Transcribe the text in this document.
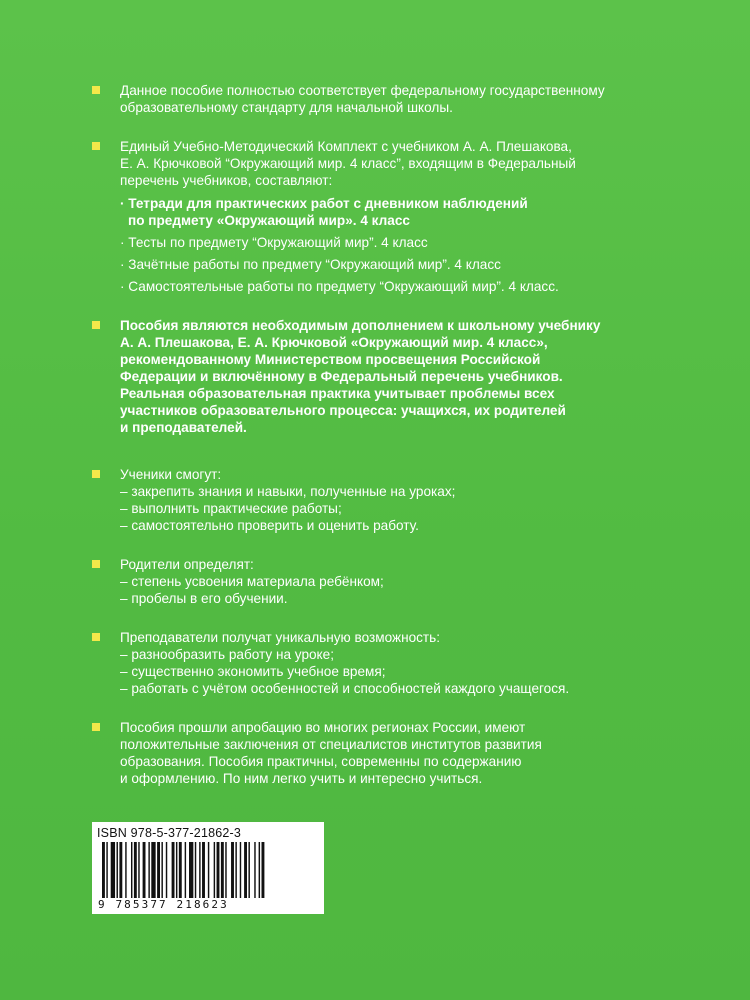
Данное пособие полностью соответствует федеральному государственному
образовательному стандарту для начальной школы.
Единый Учебно-Методический Комплект с учебником А. А. Плешакова,
Е. А. Крючковой “Окружающий мир. 4 класс”, входящим в Федеральный
перечень учебников, составляют:
· Тетради для практических работ с дневником наблюдений
по предмету «Окружающий мир». 4 класс
· Тесты по предмету “Окружающий мир”. 4 класс
· Зачётные работы по предмету “Окружающий мир”. 4 класс
· Самостоятельные работы по предмету “Окружающий мир”. 4 класс.
Пособия являются необходимым дополнением к школьному учебнику
А. А. Плешакова, Е. А. Крючковой «Окружающий мир. 4 класс»,
рекомендованному Министерством просвещения Российской
Федерации и включённому в Федеральный перечень учебников.
Реальная образовательная практика учитывает проблемы всех
участников образовательного процесса: учащихся, их родителей
и преподавателей.
Ученики смогут:
– закрепить знания и навыки, полученные на уроках;
– выполнить практические работы;
– самостоятельно проверить и оценить работу.
Родители определят:
– степень усвоения материала ребёнком;
– пробелы в его обучении.
Преподаватели получат уникальную возможность:
– разнообразить работу на уроке;
– существенно экономить учебное время;
– работать с учётом особенностей и способностей каждого учащегося.
Пособия прошли апробацию во многих регионах России, имеют
положительные заключения от специалистов институтов развития
образования. Пособия практичны, современны по содержанию
и оформлению. По ним легко учить и интересно учиться.
ISBN 978-5-377-21862-3
9 785377 218623
